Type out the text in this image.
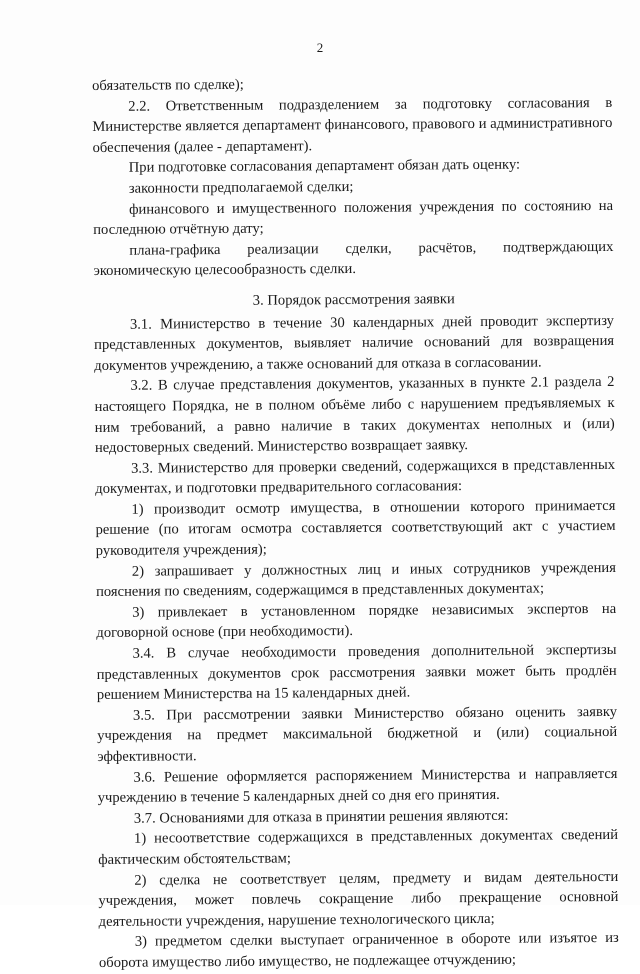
2

обязательств по сделке);

2.2. Ответственным подразделением за подготовку согласования в Министерстве является департамент финансового, правового и административного обеспечения (далее - департамент).

При подготовке согласования департамент обязан дать оценку:

законности предполагаемой сделки;

финансового и имущественного положения учреждения по состоянию на последнюю отчётную дату;

плана-графика реализации сделки, расчётов, подтверждающих экономическую целесообразность сделки.

3. Порядок рассмотрения заявки

3.1. Министерство в течение 30 календарных дней проводит экспертизу представленных документов, выявляет наличие оснований для возвращения документов учреждению, а также оснований для отказа в согласовании.

3.2. В случае представления документов, указанных в пункте 2.1 раздела 2 настоящего Порядка, не в полном объёме либо с нарушением предъявляемых к ним требований, а равно наличие в таких документах неполных и (или) недостоверных сведений. Министерство возвращает заявку.

3.3. Министерство для проверки сведений, содержащихся в представленных документах, и подготовки предварительного согласования:

1) производит осмотр имущества, в отношении которого принимается решение (по итогам осмотра составляется соответствующий акт с участием руководителя учреждения);

2) запрашивает у должностных лиц и иных сотрудников учреждения пояснения по сведениям, содержащимся в представленных документах;

3) привлекает в установленном порядке независимых экспертов на договорной основе (при необходимости).

3.4. В случае необходимости проведения дополнительной экспертизы представленных документов срок рассмотрения заявки может быть продлён решением Министерства на 15 календарных дней.

3.5. При рассмотрении заявки Министерство обязано оценить заявку учреждения на предмет максимальной бюджетной и (или) социальной эффективности.

3.6. Решение оформляется распоряжением Министерства и направляется учреждению в течение 5 календарных дней со дня его принятия.

3.7. Основаниями для отказа в принятии решения являются:

1) несоответствие содержащихся в представленных документах сведений фактическим обстоятельствам;

2) сделка не соответствует целям, предмету и видам деятельности учреждения, может повлечь сокращение либо прекращение основной деятельности учреждения, нарушение технологического цикла;

3) предметом сделки выступает ограниченное в обороте или изъятое из оборота имущество либо имущество, не подлежащее отчуждению;
